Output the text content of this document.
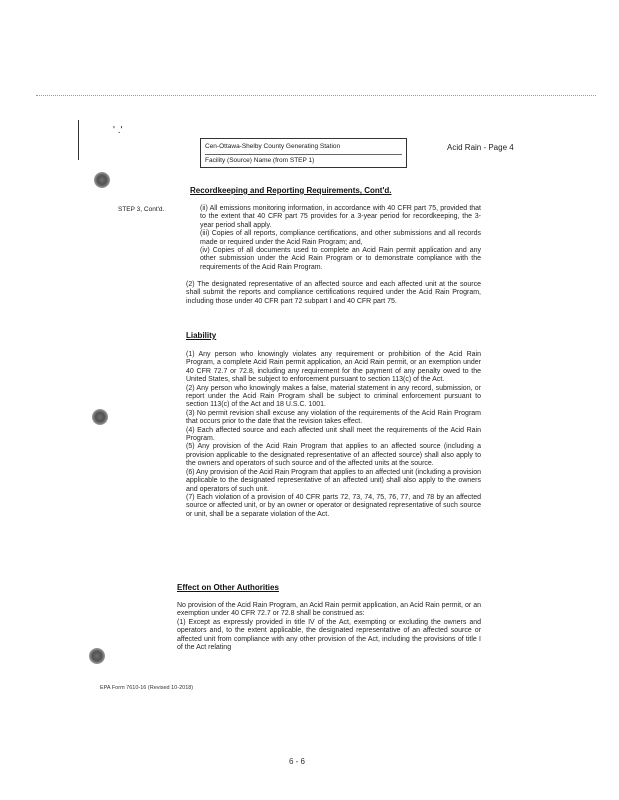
' .'
Cen-Ottawa-Shelby County Generating Station
Facility (Source) Name (from STEP 1)
Acid Rain - Page 4
Recordkeeping and Reporting Requirements, Cont'd.
STEP 3, Cont'd.	(ii) All emissions monitoring information, in accordance with 40 CFR part 75, provided that to the extent that 40 CFR part 75 provides for a 3-year period for recordkeeping, the 3-year period shall apply.

(iii) Copies of all reports, compliance certifications, and other submissions and all records made or required under the Acid Rain Program; and,

(iv) Copies of all documents used to complete an Acid Rain permit application and any other submission under the Acid Rain Program or to demonstrate compliance with the requirements of the Acid Rain Program.

(2) The designated representative of an affected source and each affected unit at the source shall submit the reports and compliance certifications required under the Acid Rain Program, including those under 40 CFR part 72 subpart I and 40 CFR part 75.

Liability

(1) Any person who knowingly violates any requirement or prohibition of the Acid Rain Program, a complete Acid Rain permit application, an Acid Rain permit, or an exemption under 40 CFR 72.7 or 72.8, including any requirement for the payment of any penalty owed to the United States, shall be subject to enforcement pursuant to section 113(c) of the Act.

(2) Any person who knowingly makes a false, material statement in any record, submission, or report under the Acid Rain Program shall be subject to criminal enforcement pursuant to section 113(c) of the Act and 18 U.S.C. 1001.

(3) No permit revision shall excuse any violation of the requirements of the Acid Rain Program that occurs prior to the date that the revision takes effect.

(4) Each affected source and each affected unit shall meet the requirements of the Acid Rain Program.

(5) Any provision of the Acid Rain Program that applies to an affected source (including a provision applicable to the designated representative of an affected source) shall also apply to the owners and operators of such source and of the affected units at the source.

(6) Any provision of the Acid Rain Program that applies to an affected unit (including a provision applicable to the designated representative of an affected unit) shall also apply to the owners and operators of such unit.

(7) Each violation of a provision of 40 CFR parts 72, 73, 74, 75, 76, 77, and 78 by an affected source or affected unit, or by an owner or operator or designated representative of such source or unit, shall be a separate violation of the Act.

Effect on Other Authorities

No provision of the Acid Rain Program, an Acid Rain permit application, an Acid Rain permit, or an exemption under 40 CFR 72.7 or 72.8 shall be construed as:

(1) Except as expressly provided in title IV of the Act, exempting or excluding the owners and operators and, to the extent applicable, the designated representative of an affected source or affected unit from compliance with any other provision of the Act, including the provisions of title I of the Act relating

EPA Form 7610-16 (Revised 10-2018)
6 - 6
